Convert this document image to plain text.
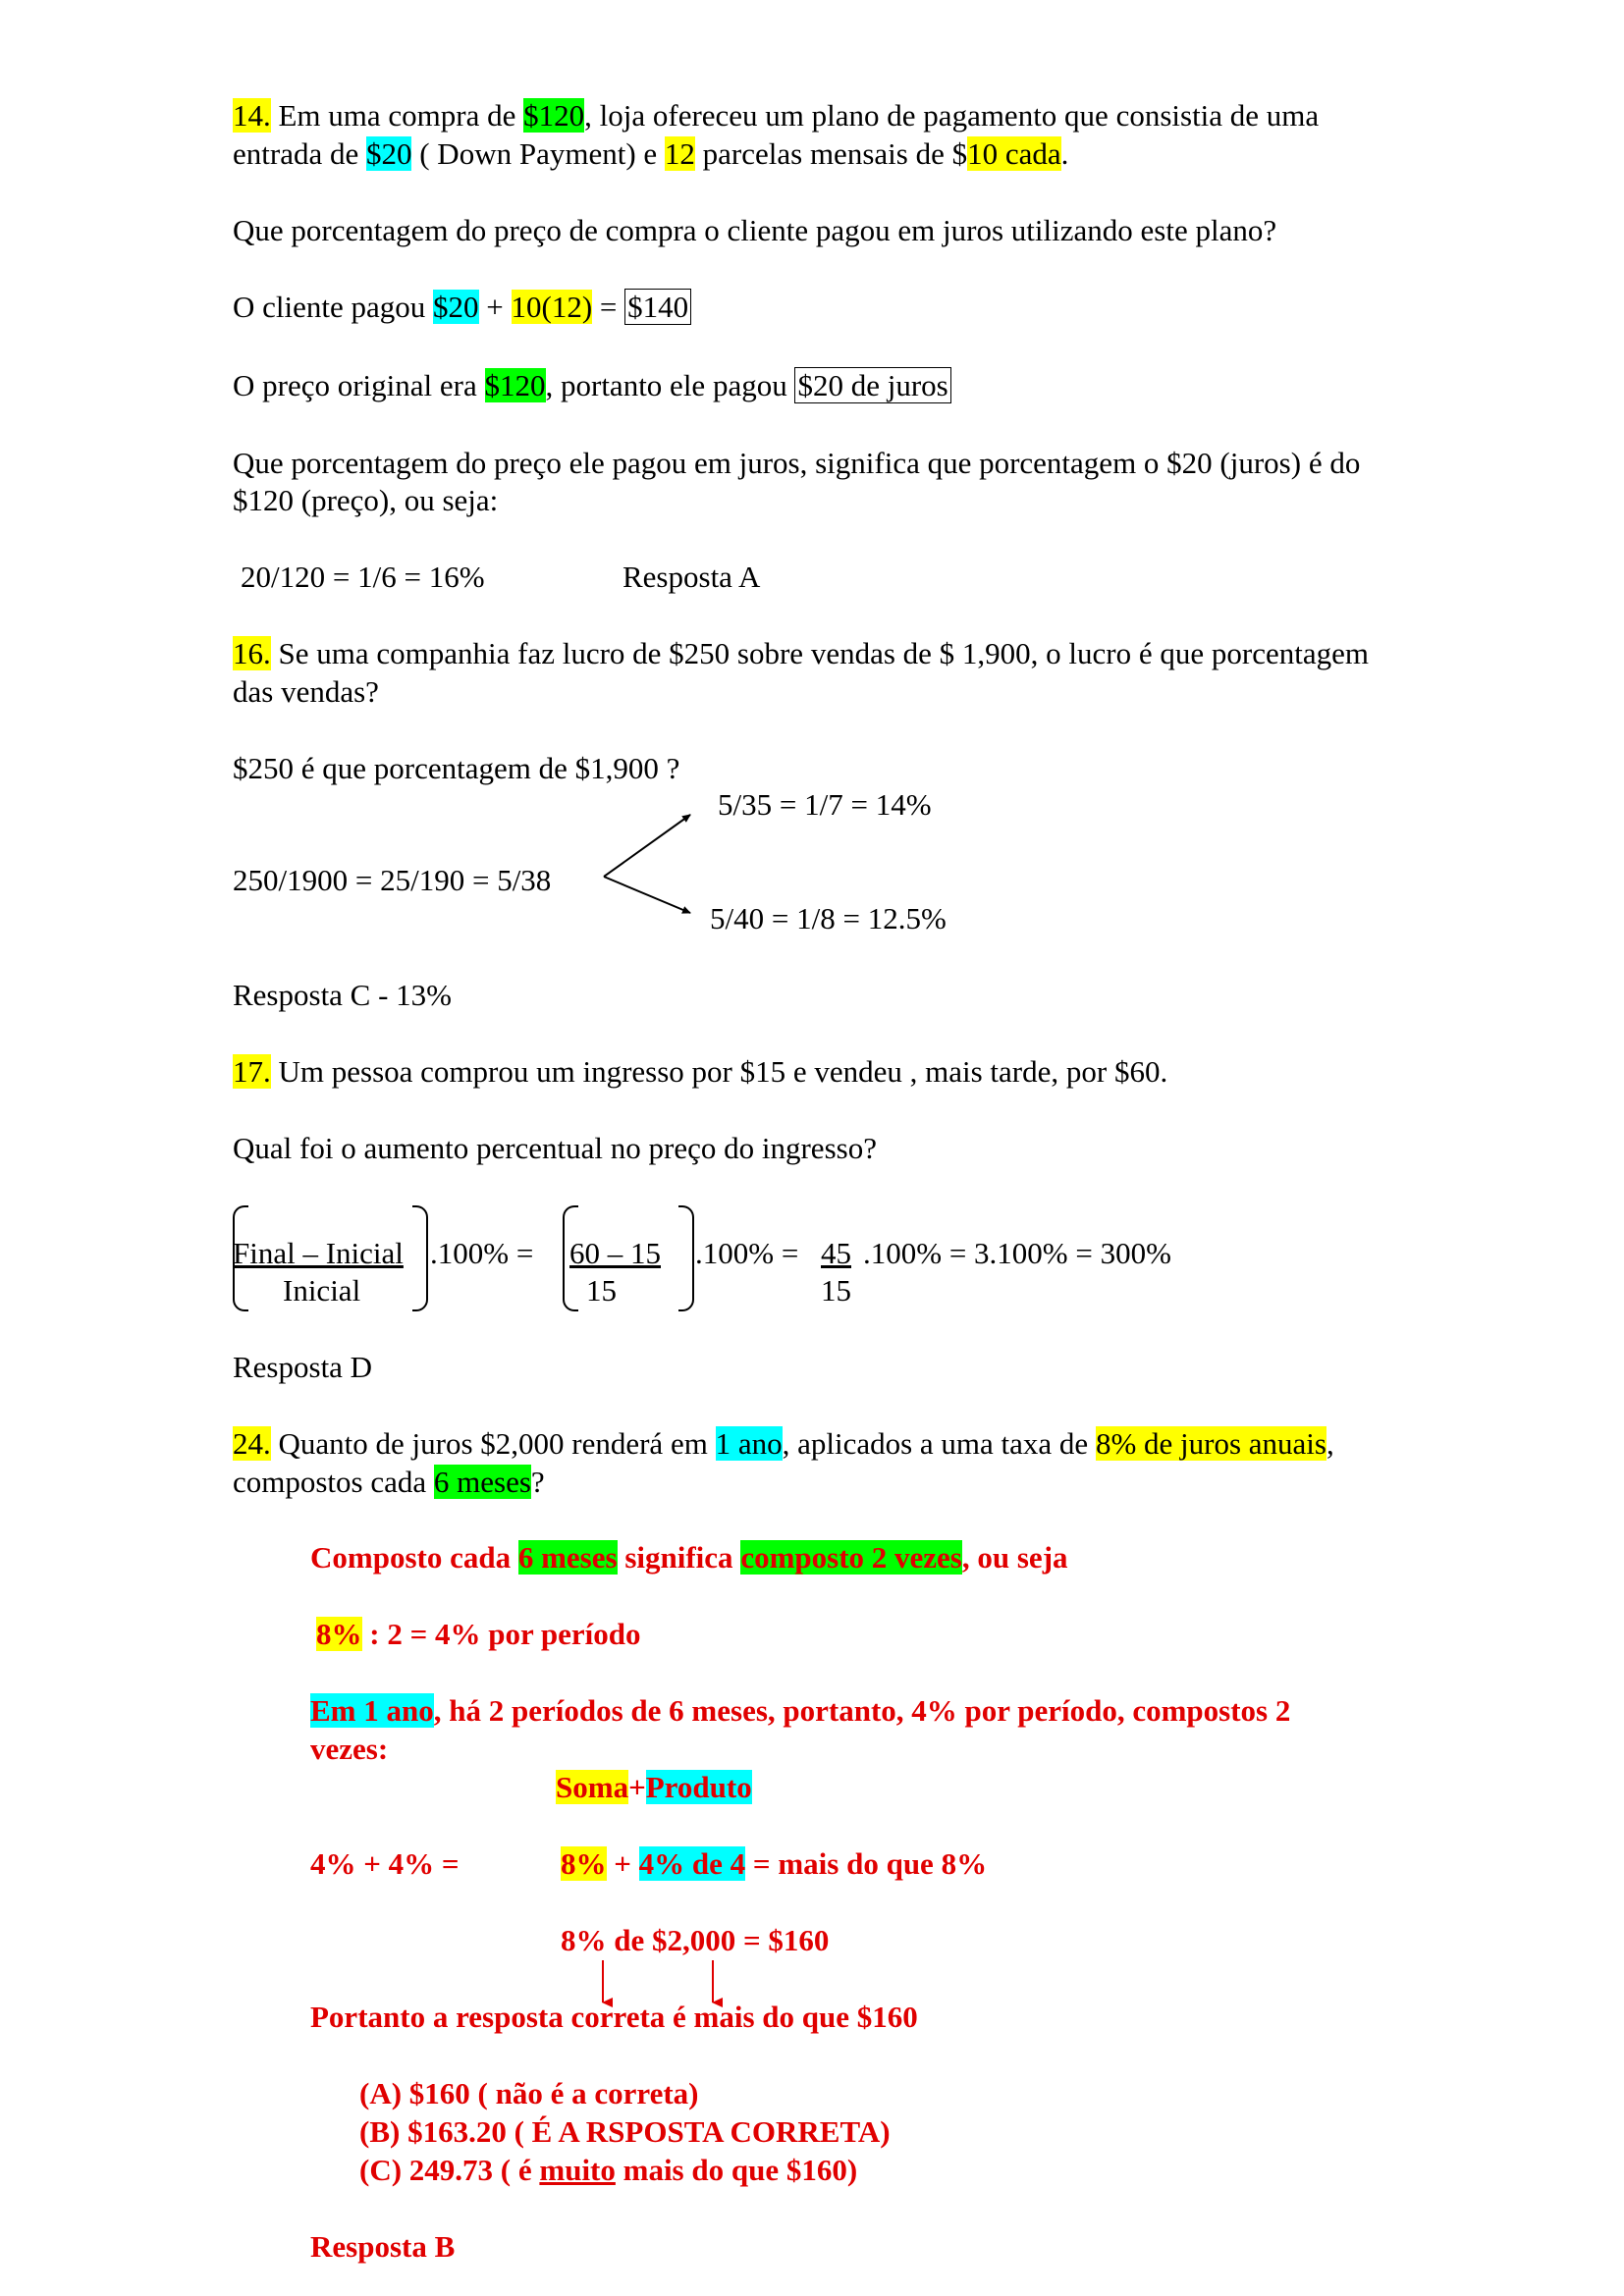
14. Em uma compra de $120, loja ofereceu um plano de pagamento que consistia de uma
entrada de $20 ( Down Payment) e 12 parcelas mensais de $10 cada.
Que porcentagem do preço de compra o cliente pagou em juros utilizando este plano?
O cliente pagou $20 + 10(12) = $140
O preço original era $120, portanto ele pagou $20 de juros
Que porcentagem do preço ele pagou em juros, significa que porcentagem o $20 (juros) é do
$120 (preço), ou seja:
20/120 = 1/6 = 16%	Resposta A
16. Se uma companhia faz lucro de $250 sobre vendas de $ 1,900, o lucro é que porcentagem
das vendas?
$250 é que porcentagem de $1,900 ?
5/35 = 1/7 = 14%
250/1900 = 25/190 = 5/38
5/40 = 1/8 = 12.5%
Resposta C - 13%
17. Um pessoa comprou um ingresso por $15 e vendeu , mais tarde, por $60.
Qual foi o aumento percentual no preço do ingresso?
Final – Inicial
Inicial
.100% = 60 – 15
15
.100% = 45
15
.100% = 3.100% = 300%
Resposta D
24. Quanto de juros $2,000 renderá em 1 ano, aplicados a uma taxa de 8% de juros anuais,
compostos cada 6 meses?
Composto cada 6 meses significa composto 2 vezes, ou seja
8% : 2 = 4% por período
Em 1 ano, há 2 períodos de 6 meses, portanto, 4% por período, compostos 2
vezes:
Soma+Produto
4% + 4% =	8% + 4% de 4 = mais do que 8%
8% de $2,000 = $160
Portanto a resposta correta é mais do que $160
(A) $160 ( não é a correta)
(B) $163.20 ( É A RSPOSTA CORRETA)
(C) 249.73 ( é muito mais do que $160)
Resposta B
